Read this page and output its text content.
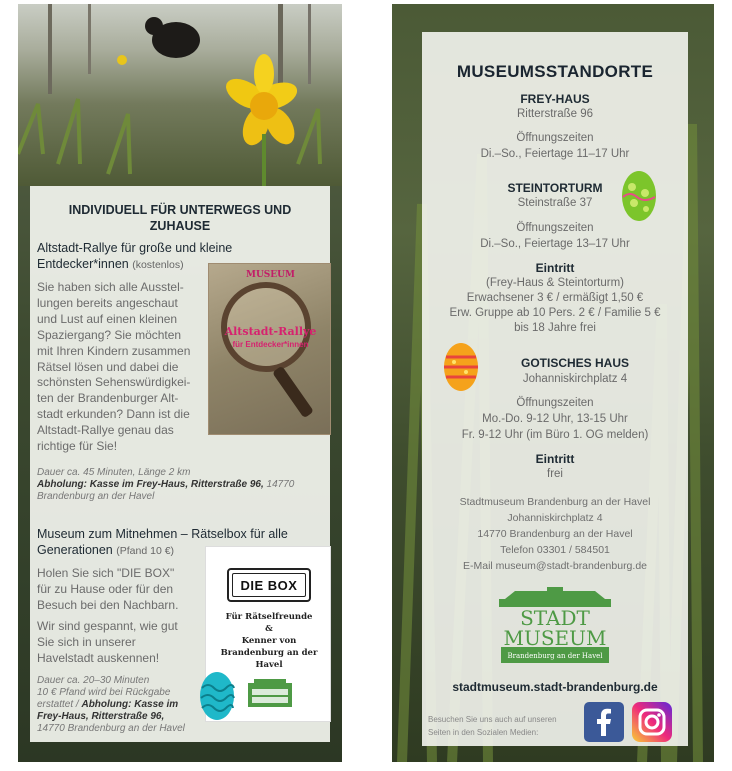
INDIVIDUELL FÜR UNTERWEGS UND ZUHAUSE
Altstadt-Rallye für große und kleine Entdecker*innen (kostenlos)
Sie haben sich alle Ausstel-
lungen bereits angeschaut
und Lust auf einen kleinen
Spaziergang? Sie möchten
mit Ihren Kindern zusammen
Rätsel lösen und dabei die
schönsten Sehenswürdigkei-
ten der Brandenburger Alt-
stadt erkunden? Dann ist die
Altstadt-Rallye genau das
richtige für Sie!
Dauer ca. 45 Minuten, Länge 2 km
Abholung: Kasse im Frey-Haus, Ritterstraße 96, 14770
Brandenburg an der Havel
MUSEUM
Altstadt-Rallye
für Entdecker*innen
Museum zum Mitnehmen – Rätselbox für alle Generationen (Pfand 10 €)
Holen Sie sich "DIE BOX"
für zu Hause oder für den
Besuch bei den Nachbarn.
Wir sind gespannt, wie gut
Sie sich in unserer
Havelstadt auskennen!
Dauer ca. 20–30 Minuten
10 € Pfand wird bei Rückgabe
erstattet / Abholung: Kasse im
Frey-Haus, Ritterstraße 96,
14770 Brandenburg an der Havel
DIE BOX
Für Rätselfreunde
&
Kenner von
Brandenburg an der
Havel
MUSEUMSSTANDORTE
FREY-HAUS
Ritterstraße 96
Öffnungszeiten
Di.–So., Feiertage 11–17 Uhr
STEINTORTURM
Steinstraße 37
Öffnungszeiten
Di.–So., Feiertage 13–17 Uhr
Eintritt
(Frey-Haus & Steintorturm)
Erwachsener 3 € / ermäßigt 1,50 €
Erw. Gruppe ab 10 Pers. 2 € / Familie 5 €
bis 18 Jahre frei
GOTISCHES HAUS
Johanniskirchplatz 4
Öffnungszeiten
Mo.-Do. 9-12 Uhr, 13-15 Uhr
Fr. 9-12 Uhr (im Büro 1. OG melden)
Eintritt
frei
Stadtmuseum Brandenburg an der Havel
Johanniskirchplatz 4
14770 Brandenburg an der Havel
Telefon 03301 / 584501
E-Mail museum@stadt-brandenburg.de
STADT
MUSEUM
Brandenburg an der Havel
stadtmuseum.stadt-brandenburg.de
Besuchen Sie uns auch auf unseren
Seiten in den Sozialen Medien:
